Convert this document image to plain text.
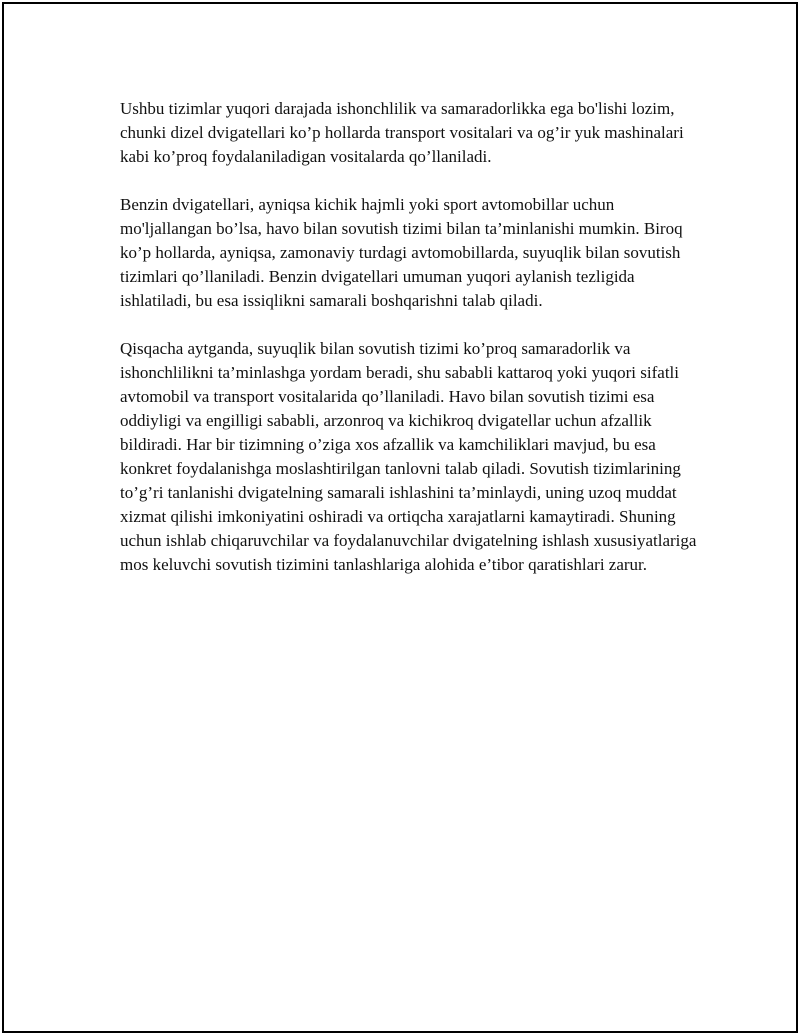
Ushbu tizimlar yuqori darajada ishonchlilik va samaradorlikka ega bo'lishi lozim, chunki dizel dvigatellari ko’p hollarda transport vositalari va og’ir yuk mashinalari kabi ko’proq foydalaniladigan vositalarda qo’llaniladi.

Benzin dvigatellari, ayniqsa kichik hajmli yoki sport avtomobillar uchun mo'ljallangan bo’lsa, havo bilan sovutish tizimi bilan ta’minlanishi mumkin. Biroq ko’p hollarda, ayniqsa, zamonaviy turdagi avtomobillarda, suyuqlik bilan sovutish tizimlari qo’llaniladi. Benzin dvigatellari umuman yuqori aylanish tezligida ishlatiladi, bu esa issiqlikni samarali boshqarishni talab qiladi.

Qisqacha aytganda, suyuqlik bilan sovutish tizimi ko’proq samaradorlik va ishonchlilikni ta’minlashga yordam beradi, shu sababli kattaroq yoki yuqori sifatli avtomobil va transport vositalarida qo’llaniladi. Havo bilan sovutish tizimi esa oddiyligi va engilligi sababli, arzonroq va kichikroq dvigatellar uchun afzallik bildiradi. Har bir tizimning o’ziga xos afzallik va kamchiliklari mavjud, bu esa konkret foydalanishga moslashtirilgan tanlovni talab qiladi. Sovutish tizimlarining to’g’ri tanlanishi dvigatelning samarali ishlashini ta’minlaydi, uning uzoq muddat xizmat qilishi imkoniyatini oshiradi va ortiqcha xarajatlarni kamaytiradi. Shuning uchun ishlab chiqaruvchilar va foydalanuvchilar dvigatelning ishlash xususiyatlariga mos keluvchi sovutish tizimini tanlashlariga alohida e’tibor qaratishlari zarur.
